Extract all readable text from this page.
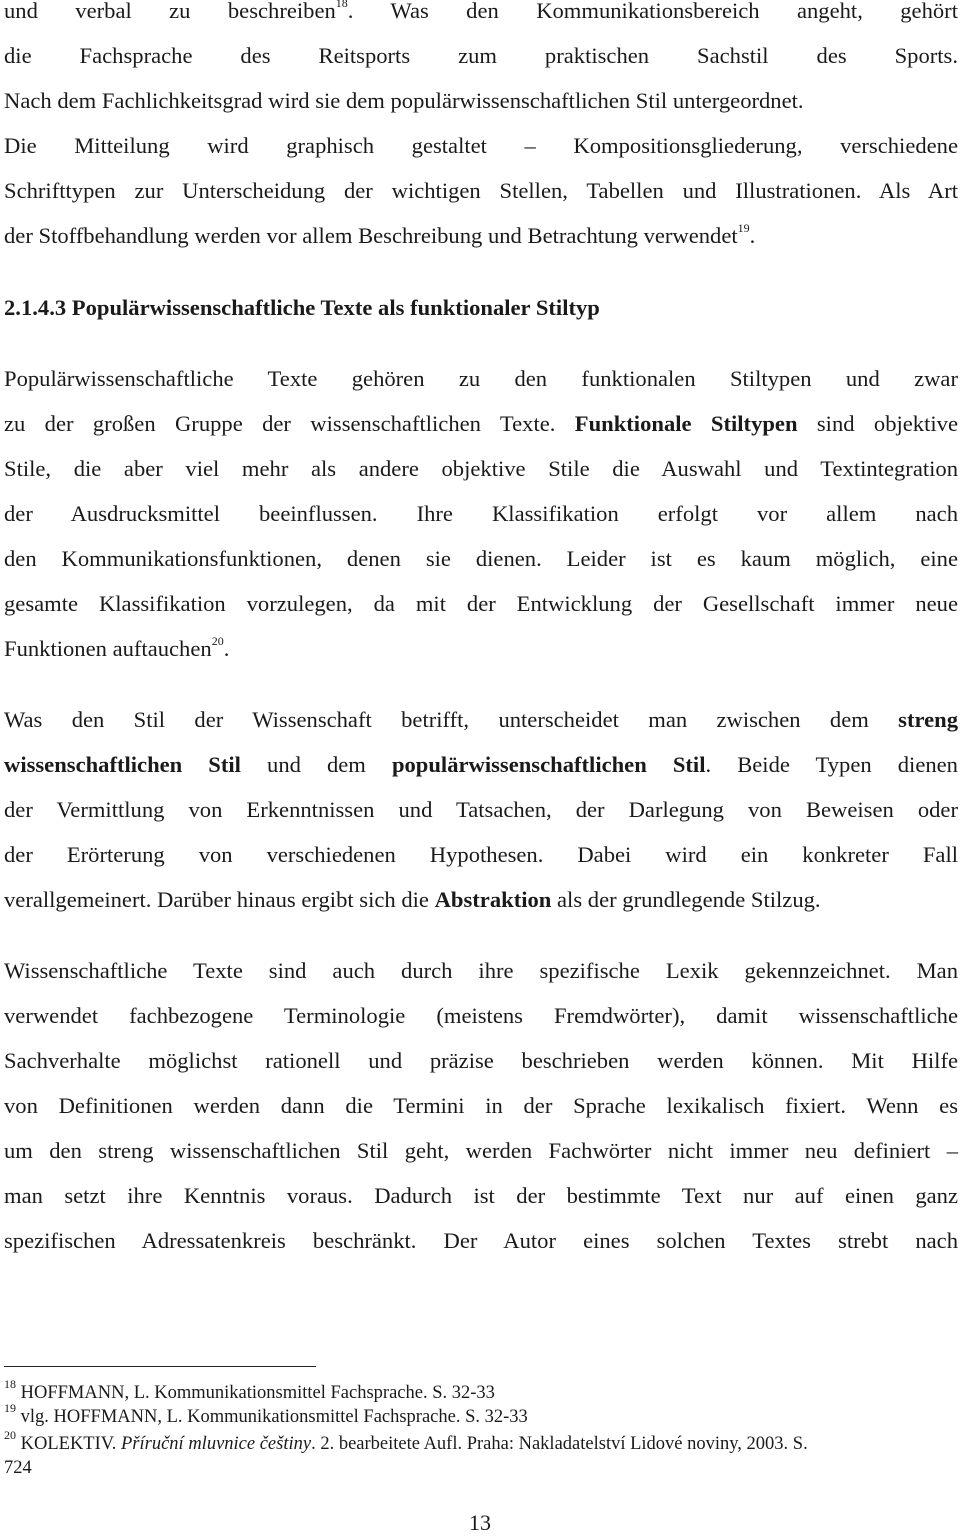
und verbal zu beschreiben$^{18}$. Was den Kommunikationsbereich angeht, gehört
die Fachsprache des Reitsports zum praktischen Sachstil des Sports.
Nach dem Fachlichkeitsgrad wird sie dem populärwissenschaftlichen Stil untergeordnet.
Die Mitteilung wird graphisch gestaltet – Kompositionsgliederung, verschiedene
Schrifttypen zur Unterscheidung der wichtigen Stellen, Tabellen und Illustrationen. Als Art
der Stoffbehandlung werden vor allem Beschreibung und Betrachtung verwendet$^{19}$.
2.1.4.3 Populärwissenschaftliche Texte als funktionaler Stiltyp
Populärwissenschaftliche Texte gehören zu den funktionalen Stiltypen und zwar
zu der großen Gruppe der wissenschaftlichen Texte. Funktionale Stiltypen sind objektive
Stile, die aber viel mehr als andere objektive Stile die Auswahl und Textintegration
der Ausdrucksmittel beeinflussen. Ihre Klassifikation erfolgt vor allem nach
den Kommunikationsfunktionen, denen sie dienen. Leider ist es kaum möglich, eine
gesamte Klassifikation vorzulegen, da mit der Entwicklung der Gesellschaft immer neue
Funktionen auftauchen$^{20}$.
Was den Stil der Wissenschaft betrifft, unterscheidet man zwischen dem streng
wissenschaftlichen Stil und dem populärwissenschaftlichen Stil. Beide Typen dienen
der Vermittlung von Erkenntnissen und Tatsachen, der Darlegung von Beweisen oder
der Erörterung von verschiedenen Hypothesen. Dabei wird ein konkreter Fall
verallgemeinert. Darüber hinaus ergibt sich die Abstraktion als der grundlegende Stilzug.
Wissenschaftliche Texte sind auch durch ihre spezifische Lexik gekennzeichnet. Man
verwendet fachbezogene Terminologie (meistens Fremdwörter), damit wissenschaftliche
Sachverhalte möglichst rationell und präzise beschrieben werden können. Mit Hilfe
von Definitionen werden dann die Termini in der Sprache lexikalisch fixiert. Wenn es
um den streng wissenschaftlichen Stil geht, werden Fachwörter nicht immer neu definiert –
man setzt ihre Kenntnis voraus. Dadurch ist der bestimmte Text nur auf einen ganz
spezifischen Adressatenkreis beschränkt. Der Autor eines solchen Textes strebt nach
$^{18}$ HOFFMANN, L. Kommunikationsmittel Fachsprache. S. 32-33
$^{19}$ vlg. HOFFMANN, L. Kommunikationsmittel Fachsprache. S. 32-33
$^{20}$ KOLEKTIV. Příruční mluvnice češtiny. 2. bearbeitete Aufl. Praha: Nakladatelství Lidové noviny, 2003. S.
724
13
